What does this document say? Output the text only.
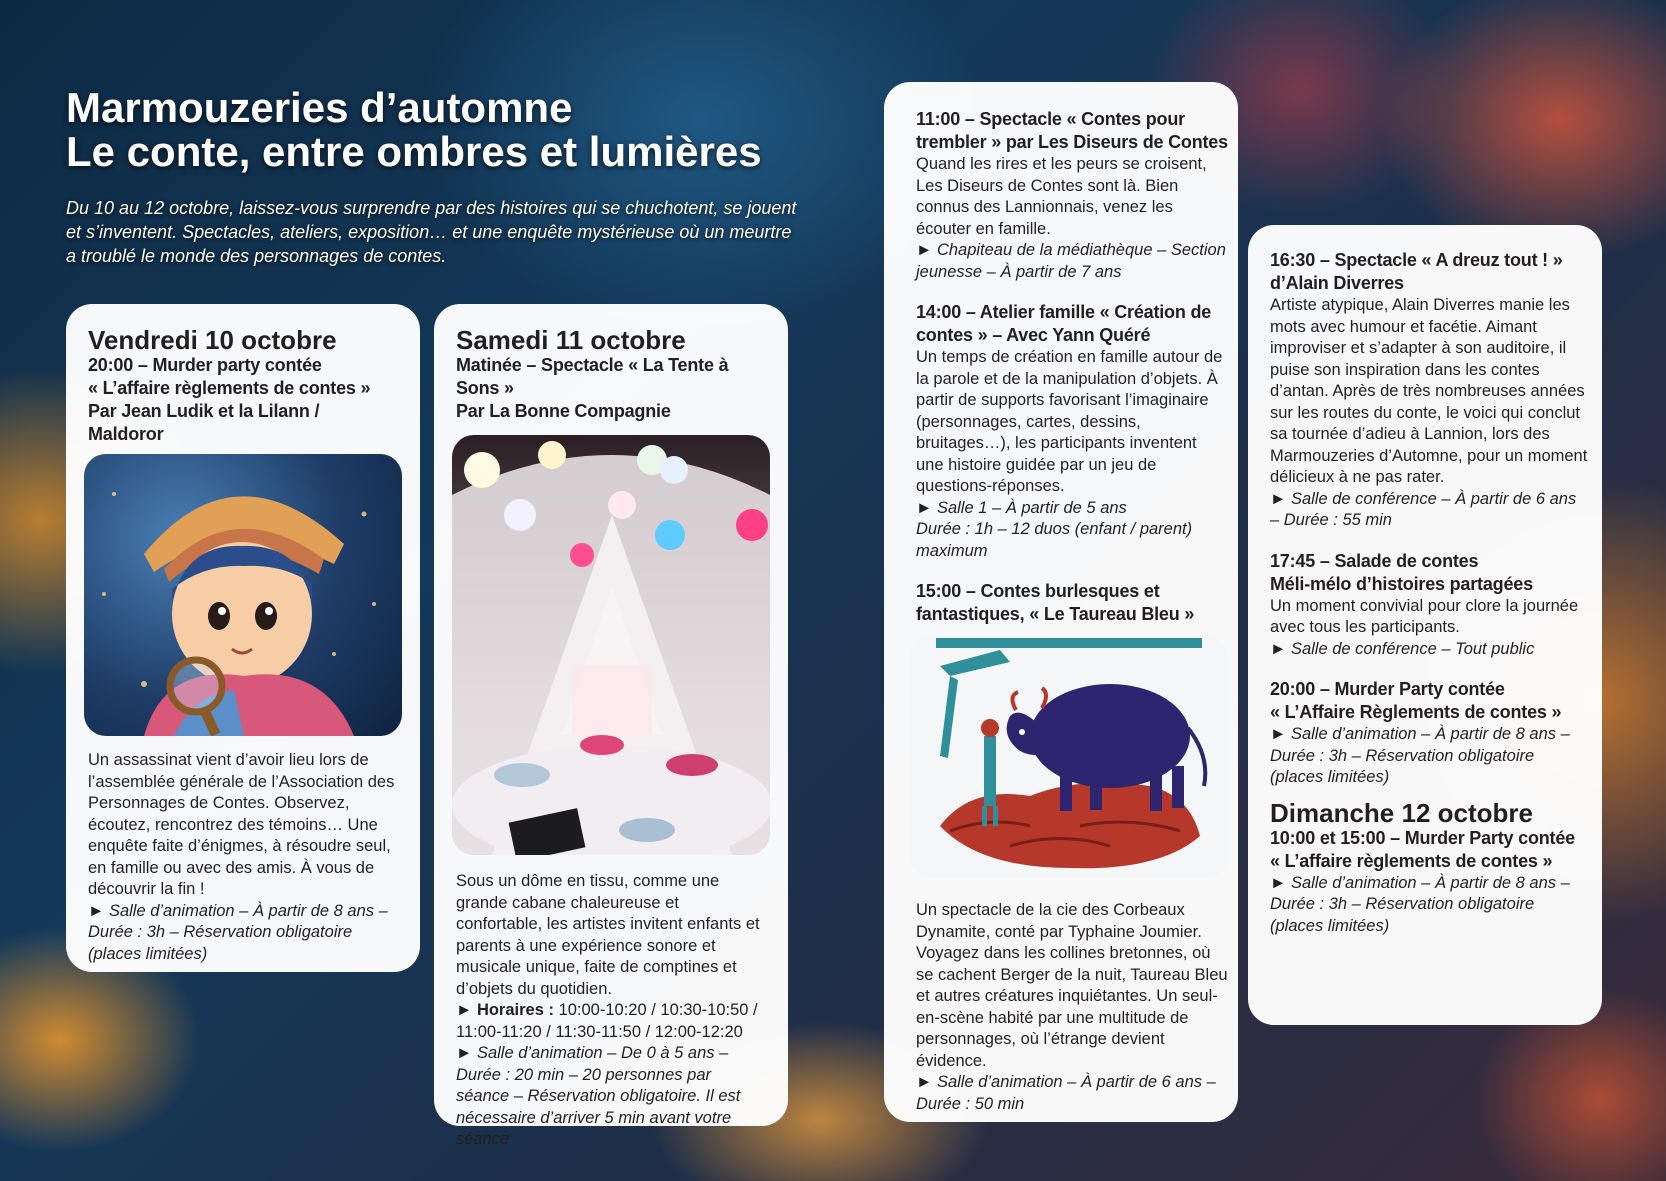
Marmouzeries d’automne
Le conte, entre ombres et lumières

Du 10 au 12 octobre, laissez-vous surprendre par des histoires qui se chuchotent, se jouent et s’inventent. Spectacles, ateliers, exposition… et une enquête mystérieuse où un meurtre a troublé le monde des personnages de contes.

Vendredi 10 octobre
20:00 – Murder party contée
« L’affaire règlements de contes »
Par Jean Ludik et la Lilann / Maldoror

Un assassinat vient d’avoir lieu lors de l’assemblée générale de l’Association des Personnages de Contes. Observez, écoutez, rencontrez des témoins… Une enquête faite d’énigmes, à résoudre seul, en famille ou avec des amis. À vous de découvrir la fin !

► Salle d’animation – À partir de 8 ans – Durée : 3h – Réservation obligatoire (places limitées)

Samedi 11 octobre
Matinée – Spectacle « La Tente à Sons »
Par La Bonne Compagnie

Sous un dôme en tissu, comme une grande cabane chaleureuse et confortable, les artistes invitent enfants et parents à une expérience sonore et musicale unique, faite de comptines et d’objets du quotidien.

► Horaires : 10:00-10:20 / 10:30-10:50 / 11:00-11:20 / 11:30-11:50 / 12:00-12:20

► Salle d’animation – De 0 à 5 ans – Durée : 20 min – 20 personnes par séance – Réservation obligatoire. Il est nécessaire d’arriver 5 min avant votre séance

11:00 – Spectacle « Contes pour trembler » par Les Diseurs de Contes

Quand les rires et les peurs se croisent, Les Diseurs de Contes sont là. Bien connus des Lannionnais, venez les écouter en famille.

► Chapiteau de la médiathèque – Section jeunesse – À partir de 7 ans

14:00 – Atelier famille « Création de contes » – Avec Yann Quéré

Un temps de création en famille autour de la parole et de la manipulation d’objets. À partir de supports favorisant l’imaginaire (personnages, cartes, dessins, bruitages…), les participants inventent une histoire guidée par un jeu de questions-réponses.

► Salle 1 – À partir de 5 ans

Durée : 1h – 12 duos (enfant / parent) maximum

15:00 – Contes burlesques et fantastiques, « Le Taureau Bleu »

Un spectacle de la cie des Corbeaux Dynamite, conté par Typhaine Joumier. Voyagez dans les collines bretonnes, où se cachent Berger de la nuit, Taureau Bleu et autres créatures inquiétantes. Un seul-en-scène habité par une multitude de personnages, où l’étrange devient évidence.

► Salle d’animation – À partir de 6 ans – Durée : 50 min

16:30 – Spectacle « A dreuz tout ! »
d’Alain Diverres

Artiste atypique, Alain Diverres manie les mots avec humour et facétie. Aimant improviser et s’adapter à son auditoire, il puise son inspiration dans les contes d’antan. Après de très nombreuses années sur les routes du conte, le voici qui conclut sa tournée d’adieu à Lannion, lors des Marmouzeries d’Automne, pour un moment délicieux à ne pas rater.

► Salle de conférence – À partir de 6 ans – Durée : 55 min

17:45 – Salade de contes
Méli-mélo d’histoires partagées

Un moment convivial pour clore la journée avec tous les participants.

► Salle de conférence – Tout public

20:00 – Murder Party contée
« L’Affaire Règlements de contes »

► Salle d’animation – À partir de 8 ans – Durée : 3h – Réservation obligatoire (places limitées)

Dimanche 12 octobre
10:00 et 15:00 – Murder Party contée
« L’affaire règlements de contes »

► Salle d’animation – À partir de 8 ans – Durée : 3h – Réservation obligatoire (places limitées)
